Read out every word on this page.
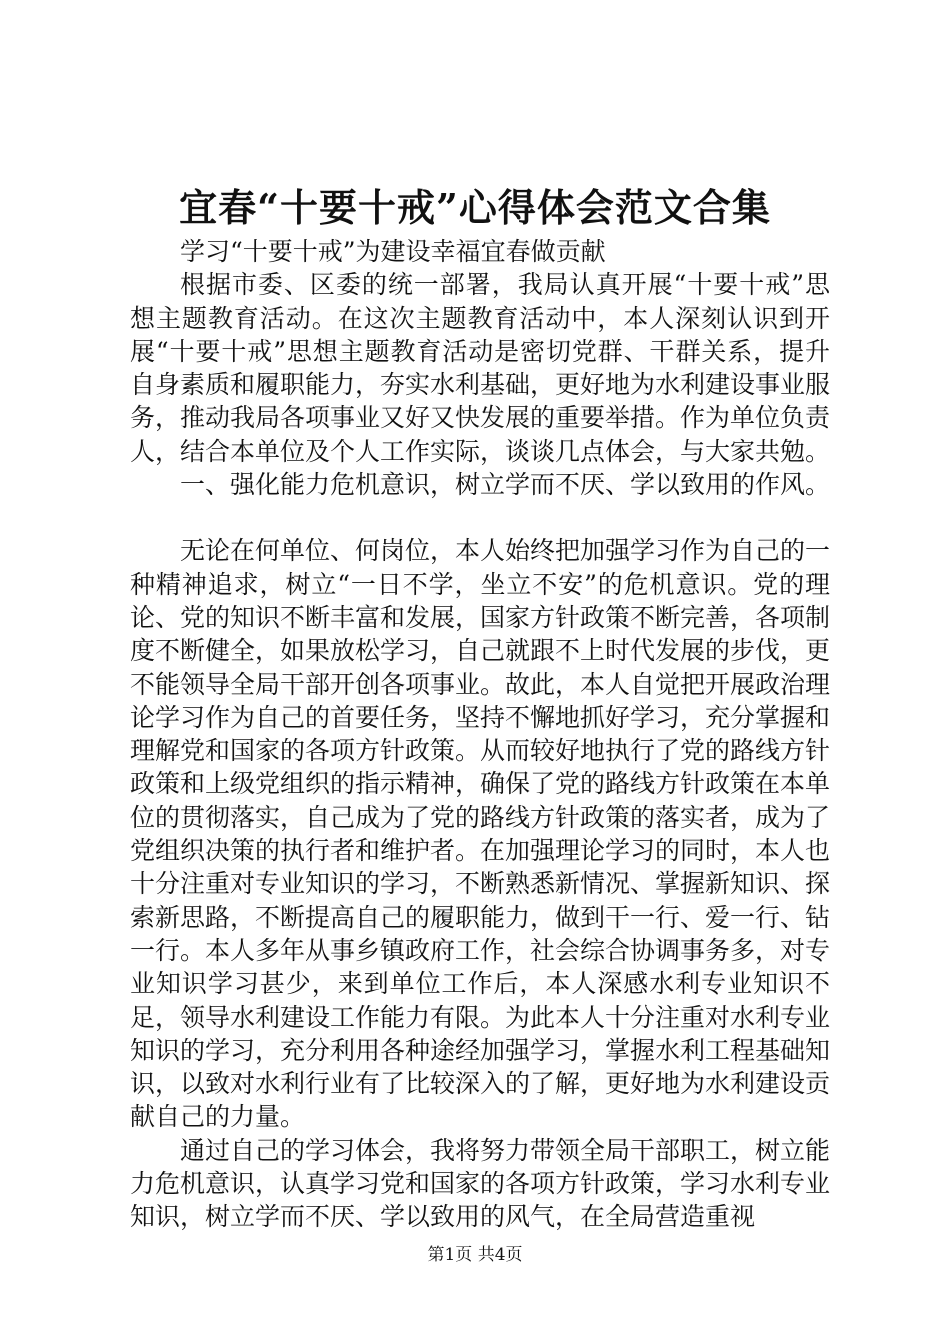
宜春“十要十戒”心得体会范文合集

学习“十要十戒”为建设幸福宜春做贡献

根据市委、区委的统一部署，我局认真开展“十要十戒”思想主题教育活动。在这次主题教育活动中，本人深刻认识到开展“十要十戒”思想主题教育活动是密切党群、干群关系，提升自身素质和履职能力，夯实水利基础，更好地为水利建设事业服务，推动我局各项事业又好又快发展的重要举措。作为单位负责人，结合本单位及个人工作实际，谈谈几点体会，与大家共勉。

一、强化能力危机意识，树立学而不厌、学以致用的作风。

无论在何单位、何岗位，本人始终把加强学习作为自己的一种精神追求，树立“一日不学，坐立不安”的危机意识。党的理论、党的知识不断丰富和发展，国家方针政策不断完善，各项制度不断健全，如果放松学习，自己就跟不上时代发展的步伐，更不能领导全局干部开创各项事业。故此，本人自觉把开展政治理论学习作为自己的首要任务，坚持不懈地抓好学习，充分掌握和理解党和国家的各项方针政策。从而较好地执行了党的路线方针政策和上级党组织的指示精神，确保了党的路线方针政策在本单位的贯彻落实，自己成为了党的路线方针政策的落实者，成为了党组织决策的执行者和维护者。在加强理论学习的同时，本人也十分注重对专业知识的学习，不断熟悉新情况、掌握新知识、探索新思路，不断提高自己的履职能力，做到干一行、爱一行、钻一行。本人多年从事乡镇政府工作，社会综合协调事务多，对专业知识学习甚少，来到单位工作后，本人深感水利专业知识不足，领导水利建设工作能力有限。为此本人十分注重对水利专业知识的学习，充分利用各种途经加强学习，掌握水利工程基础知识，以致对水利行业有了比较深入的了解，更好地为水利建设贡献自己的力量。

通过自己的学习体会，我将努力带领全局干部职工，树立能力危机意识，认真学习党和国家的各项方针政策，学习水利专业知识，树立学而不厌、学以致用的风气，在全局营造重视

第1页 共4页
